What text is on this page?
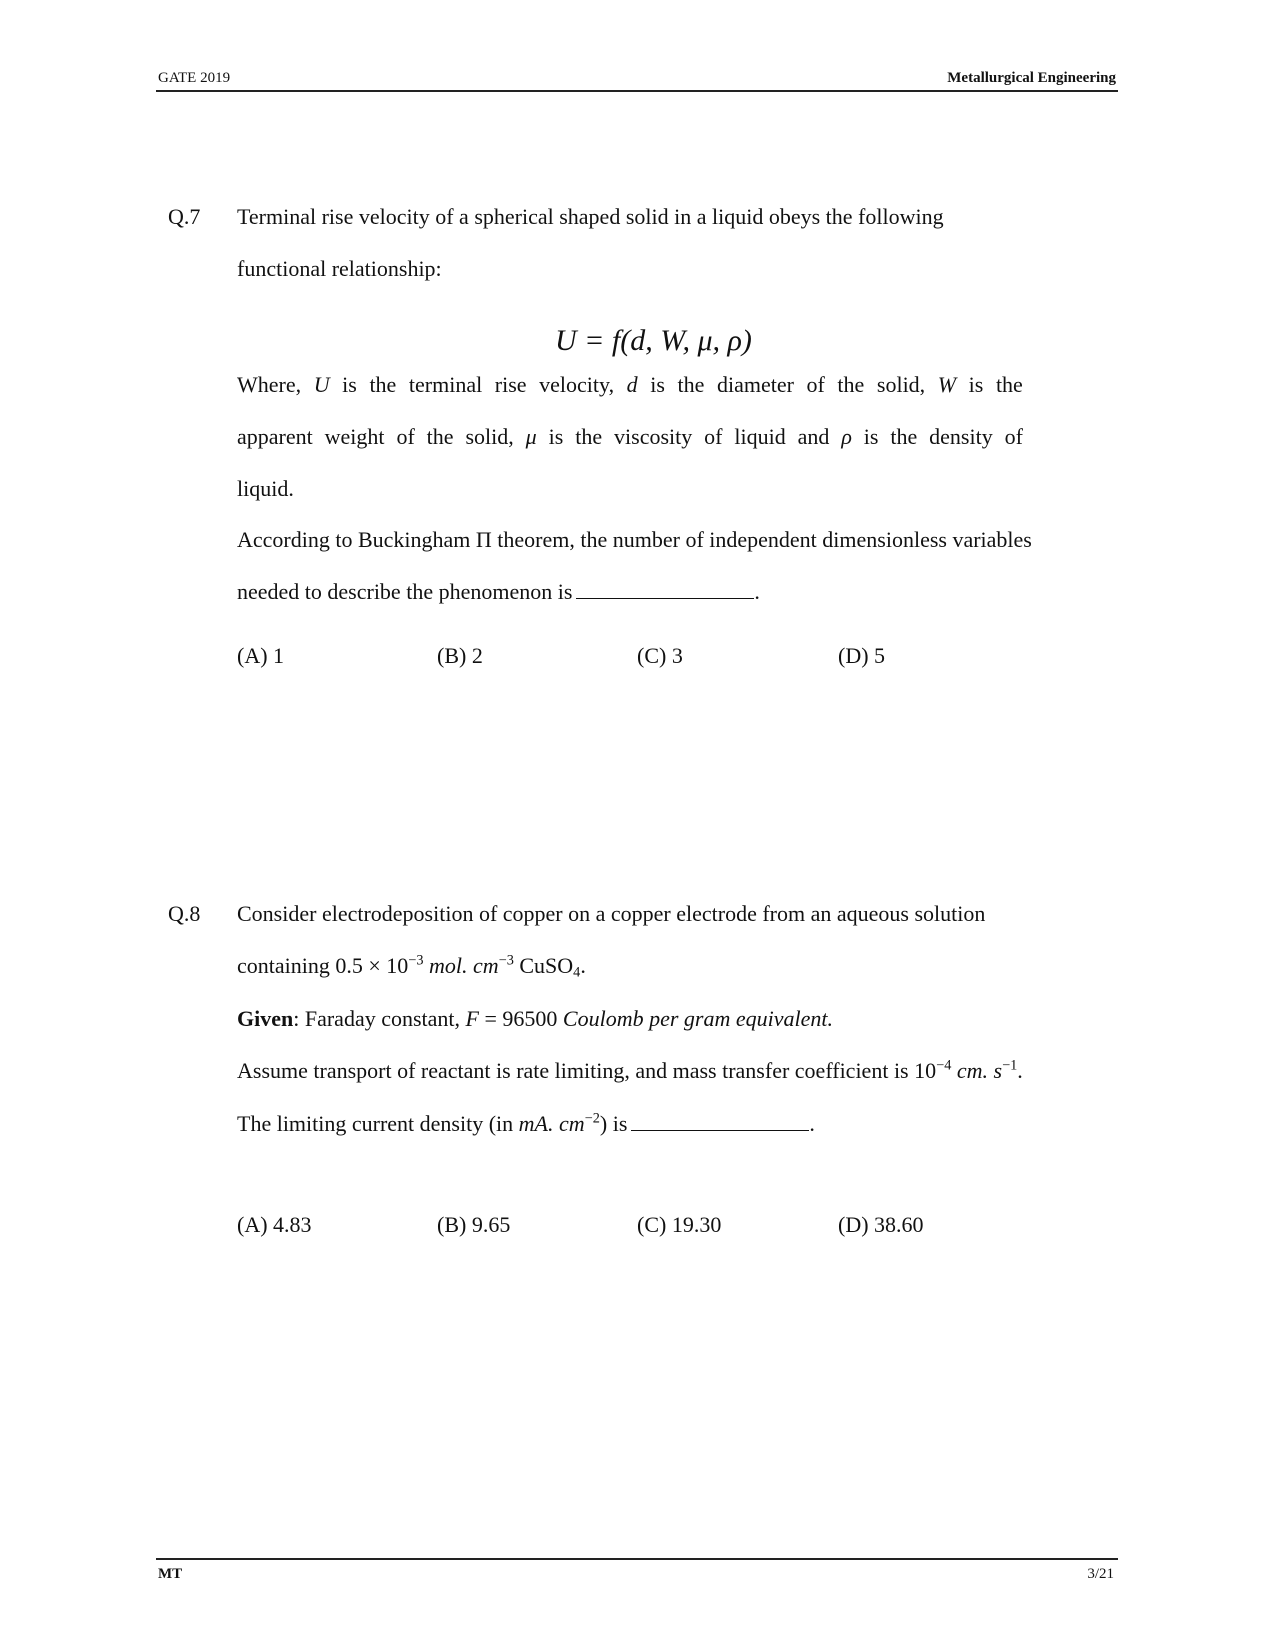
GATE 2019	Metallurgical Engineering
Q.7 Terminal rise velocity of a spherical shaped solid in a liquid obeys the following
functional relationship:
U = f(d, W, μ, ρ)
Where, U is the terminal rise velocity, d is the diameter of the solid, W is the
apparent weight of the solid, μ is the viscosity of liquid and ρ is the density of
liquid.
According to Buckingham Π theorem, the number of independent dimensionless variables
needed to describe the phenomenon is	.
(A) 1	(B) 2	(C) 3	(D) 5
Q.8 Consider electrodeposition of copper on a copper electrode from an aqueous solution
containing $0.5 \times 10^{-3}$ mol. $cm^{-3}$ CuSO$_4$.
Given: Faraday constant, F = 96500 Coulomb per gram equivalent.
Assume transport of reactant is rate limiting, and mass transfer coefficient is $10^{-4}$ cm. $s^{-1}$.
The limiting current density (in mA. $cm^{-2}$) is	.
(A) 4.83	(B) 9.65	(C) 19.30	(D) 38.60
MT	3/21
